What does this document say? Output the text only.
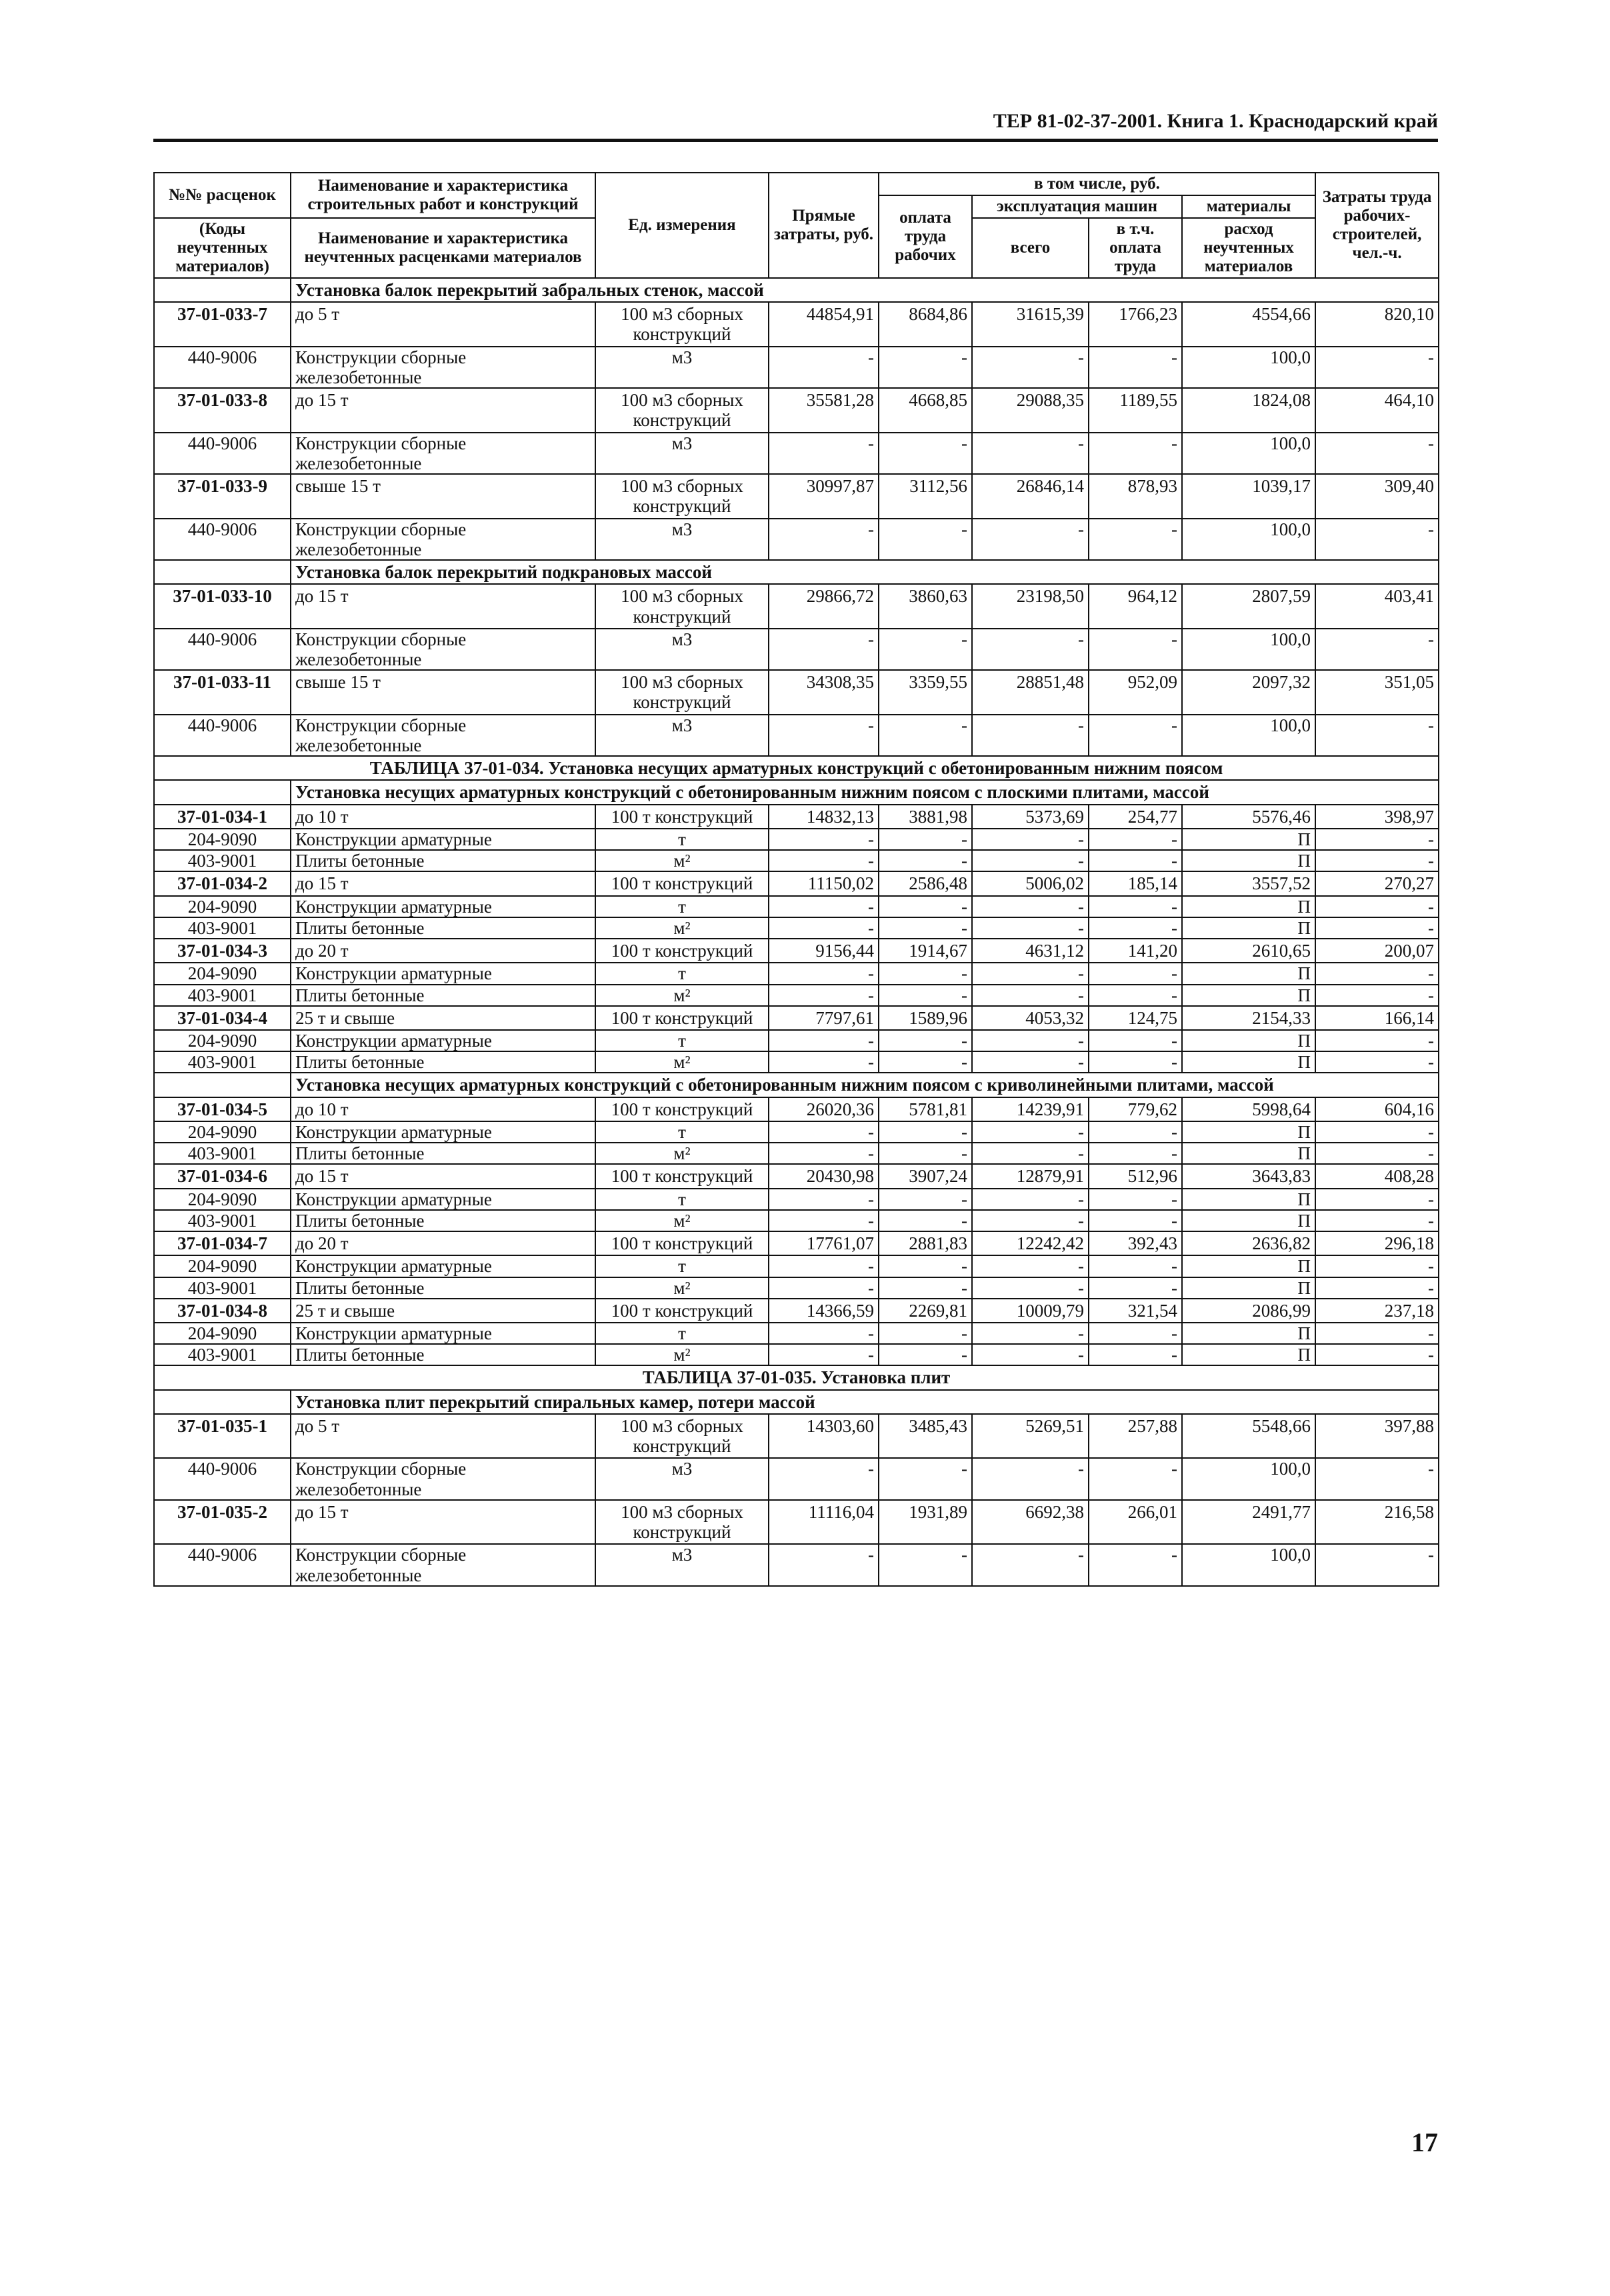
ТЕР 81-02-37-2001. Книга 1. Краснодарский край
№№ расценок	Наименование и характеристика строительных работ и конструкций	Ед. измерения	Прямые затраты, руб.	в том числе, руб.				Затраты труда рабочих-строителей, чел.-ч.
				оплата труда рабочих	эксплуатация машин		материалы	
(Коды неучтенных материалов)	Наименование и характеристика неучтенных расценками материалов				всего	в т.ч. оплата труда	расход неучтенных материалов	

	Установка балок перекрытий забральных стенок, массой							
37-01-033-7	до 5 т	100 м3 сборных конструкций	44854,91	8684,86	31615,39	1766,23	4554,66	820,10
440-9006	Конструкции сборные железобетонные	м3	-	-	-	-	100,0	-
37-01-033-8	до 15 т	100 м3 сборных конструкций	35581,28	4668,85	29088,35	1189,55	1824,08	464,10
440-9006	Конструкции сборные железобетонные	м3	-	-	-	-	100,0	-
37-01-033-9	свыше 15 т	100 м3 сборных конструкций	30997,87	3112,56	26846,14	878,93	1039,17	309,40
440-9006	Конструкции сборные железобетонные	м3	-	-	-	-	100,0	-
	Установка балок перекрытий подкрановых массой							
37-01-033-10	до 15 т	100 м3 сборных конструкций	29866,72	3860,63	23198,50	964,12	2807,59	403,41
440-9006	Конструкции сборные железобетонные	м3	-	-	-	-	100,0	-
37-01-033-11	свыше 15 т	100 м3 сборных конструкций	34308,35	3359,55	28851,48	952,09	2097,32	351,05
440-9006	Конструкции сборные железобетонные	м3	-	-	-	-	100,0	-
ТАБЛИЦА 37-01-034. Установка несущих арматурных конструкций с обетонированным нижним поясом								
	Установка несущих арматурных конструкций с обетонированным нижним поясом с плоскими плитами, массой							
37-01-034-1	до 10 т	100 т конструкций	14832,13	3881,98	5373,69	254,77	5576,46	398,97
204-9090	Конструкции арматурные	т	-	-	-	-	П	-
403-9001	Плиты бетонные	м²	-	-	-	-	П	-
37-01-034-2	до 15 т	100 т конструкций	11150,02	2586,48	5006,02	185,14	3557,52	270,27
204-9090	Конструкции арматурные	т	-	-	-	-	П	-
403-9001	Плиты бетонные	м²	-	-	-	-	П	-
37-01-034-3	до 20 т	100 т конструкций	9156,44	1914,67	4631,12	141,20	2610,65	200,07
204-9090	Конструкции арматурные	т	-	-	-	-	П	-
403-9001	Плиты бетонные	м²	-	-	-	-	П	-
37-01-034-4	25 т и свыше	100 т конструкций	7797,61	1589,96	4053,32	124,75	2154,33	166,14
204-9090	Конструкции арматурные	т	-	-	-	-	П	-
403-9001	Плиты бетонные	м²	-	-	-	-	П	-
	Установка несущих арматурных конструкций с обетонированным нижним поясом с криволинейными плитами, массой							
37-01-034-5	до 10 т	100 т конструкций	26020,36	5781,81	14239,91	779,62	5998,64	604,16
204-9090	Конструкции арматурные	т	-	-	-	-	П	-
403-9001	Плиты бетонные	м²	-	-	-	-	П	-
37-01-034-6	до 15 т	100 т конструкций	20430,98	3907,24	12879,91	512,96	3643,83	408,28
204-9090	Конструкции арматурные	т	-	-	-	-	П	-
403-9001	Плиты бетонные	м²	-	-	-	-	П	-
37-01-034-7	до 20 т	100 т конструкций	17761,07	2881,83	12242,42	392,43	2636,82	296,18
204-9090	Конструкции арматурные	т	-	-	-	-	П	-
403-9001	Плиты бетонные	м²	-	-	-	-	П	-
37-01-034-8	25 т и свыше	100 т конструкций	14366,59	2269,81	10009,79	321,54	2086,99	237,18
204-9090	Конструкции арматурные	т	-	-	-	-	П	-
403-9001	Плиты бетонные	м²	-	-	-	-	П	-
ТАБЛИЦА 37-01-035. Установка плит								
	Установка плит перекрытий спиральных камер, потери массой							
37-01-035-1	до 5 т	100 м3 сборных конструкций	14303,60	3485,43	5269,51	257,88	5548,66	397,88
440-9006	Конструкции сборные железобетонные	м3	-	-	-	-	100,0	-
37-01-035-2	до 15 т	100 м3 сборных конструкций	11116,04	1931,89	6692,38	266,01	2491,77	216,58
440-9006	Конструкции сборные железобетонные	м3	-	-	-	-	100,0	-
17
